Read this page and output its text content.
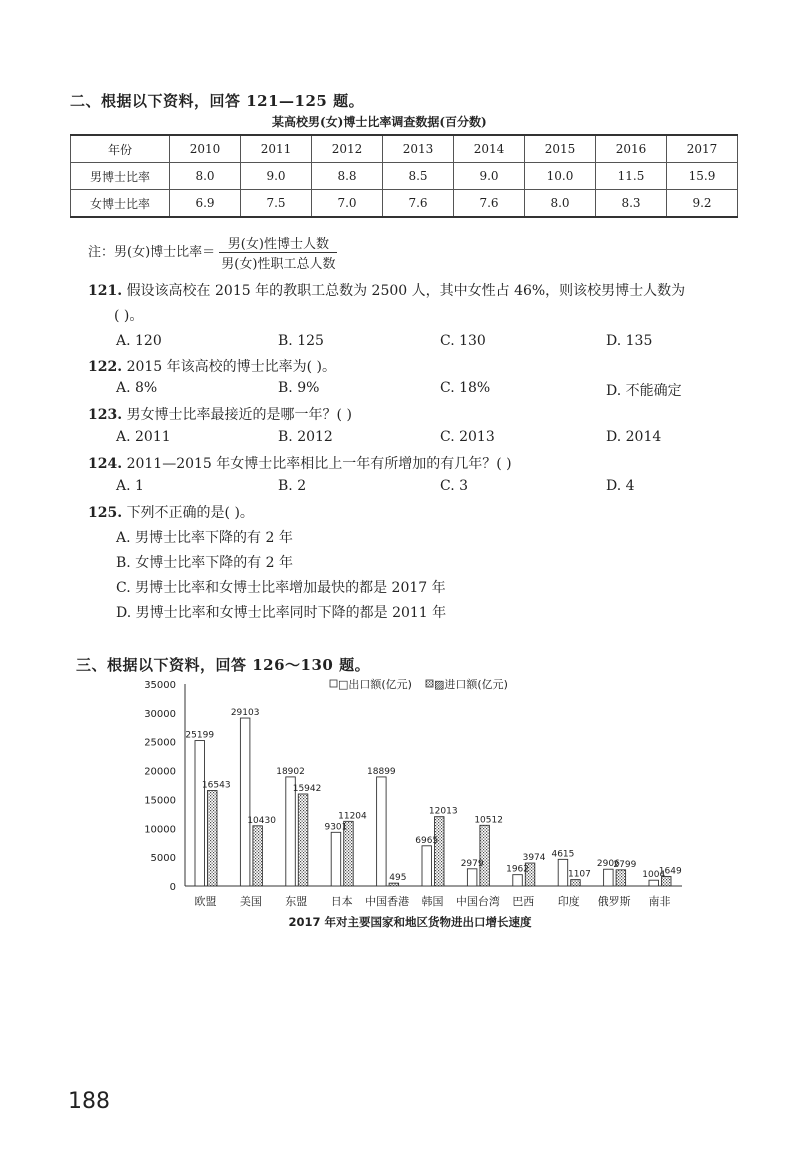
二、根据以下资料，回答 121—125 题。
某高校男(女)博士比率调查数据(百分数)
年份	2010	2011	2012	2013	2014	2015	2016	2017
男博士比率	8.0	9.0	8.8	8.5	9.0	10.0	11.5	15.9
女博士比率	6.9	7.5	7.0	7.6	7.6	8.0	8.3	9.2
注：男(女)博士比率＝ $\frac{\text{男(女)性博士人数}}{\text{男(女)性职工总人数}}$
121. 假设该高校在 2015 年的教职工总数为 2500 人，其中女性占 46%，则该校男博士人数为
( )。
A. 120	B. 125	C. 130	D. 135
122. 2015 年该高校的博士比率为( )。
A. 8%	B. 9%	C. 18%	D. 不能确定
123. 男女博士比率最接近的是哪一年？( )
A. 2011	B. 2012	C. 2013	D. 2014
124. 2011—2015 年女博士比率相比上一年有所增加的有几年？( )
A. 1	B. 2	C. 3	D. 4
125. 下列不正确的是( )。
A. 男博士比率下降的有 2 年
B. 女博士比率下降的有 2 年
C. 男博士比率和女博士比率增加最快的都是 2017 年
D. 男博士比率和女博士比率同时下降的都是 2011 年
三、根据以下资料，回答 126～130 题。
□出口额(亿元) ▨进口额(亿元)
0
5000
10000
15000
20000
25000
30000
35000
25199
16543
29103
10430
18902
15942
9301
11204
18899
495
6965
12013
2979
10512
1962
3974 4615
1107
2906
2799
1004
1649
欧盟 美国 东盟 日本 中国香港 韩国 中国台湾 巴西 印度 俄罗斯 南非
2017 年对主要国家和地区货物进出口增长速度
188
